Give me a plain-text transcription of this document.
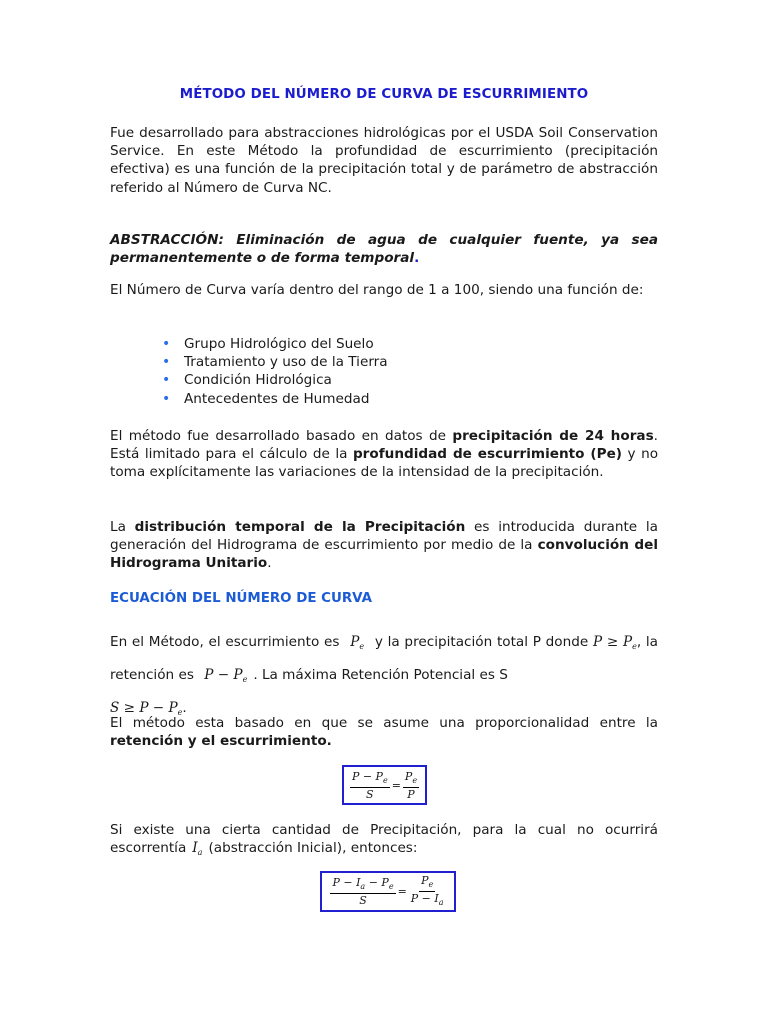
MÉTODO DEL NÚMERO DE CURVA DE ESCURRIMIENTO
Fue desarrollado para abstracciones hidrológicas por el USDA Soil Conservation Service. En este Método la profundidad de escurrimiento (precipitación efectiva) es una función de la precipitación total y de parámetro de abstracción referido al Número de Curva NC.
ABSTRACCIÓN: Eliminación de agua de cualquier fuente, ya sea permanentemente o de forma temporal.
El Número de Curva varía dentro del rango de 1 a 100, siendo una función de:
• Grupo Hidrológico del Suelo
• Tratamiento y uso de la Tierra
• Condición Hidrológica
• Antecedentes de Humedad
El método fue desarrollado basado en datos de precipitación de 24 horas. Está limitado para el cálculo de la profundidad de escurrimiento (Pe) y no toma explícitamente las variaciones de la intensidad de la precipitación.
La distribución temporal de la Precipitación es introducida durante la generación del Hidrograma de escurrimiento por medio de la convolución del Hidrograma Unitario.
ECUACIÓN DEL NÚMERO DE CURVA
En el Método, el escurrimiento es $P_e$ y la precipitación total P donde $P \ge P_e$, la retención es $P - P_e$ . La máxima Retención Potencial es S
$S \ge P - P_e$.
El método esta basado en que se asume una proporcionalidad entre la retención y el escurrimiento.
$\frac{P - P_e}{S} = \frac{P_e}{P}$
Si existe una cierta cantidad de Precipitación, para la cual no ocurrirá escorrentía $I_a$ (abstracción Inicial), entonces:
$\frac{P - I_a - P_e}{S} = \frac{P_e}{P - I_a}$
